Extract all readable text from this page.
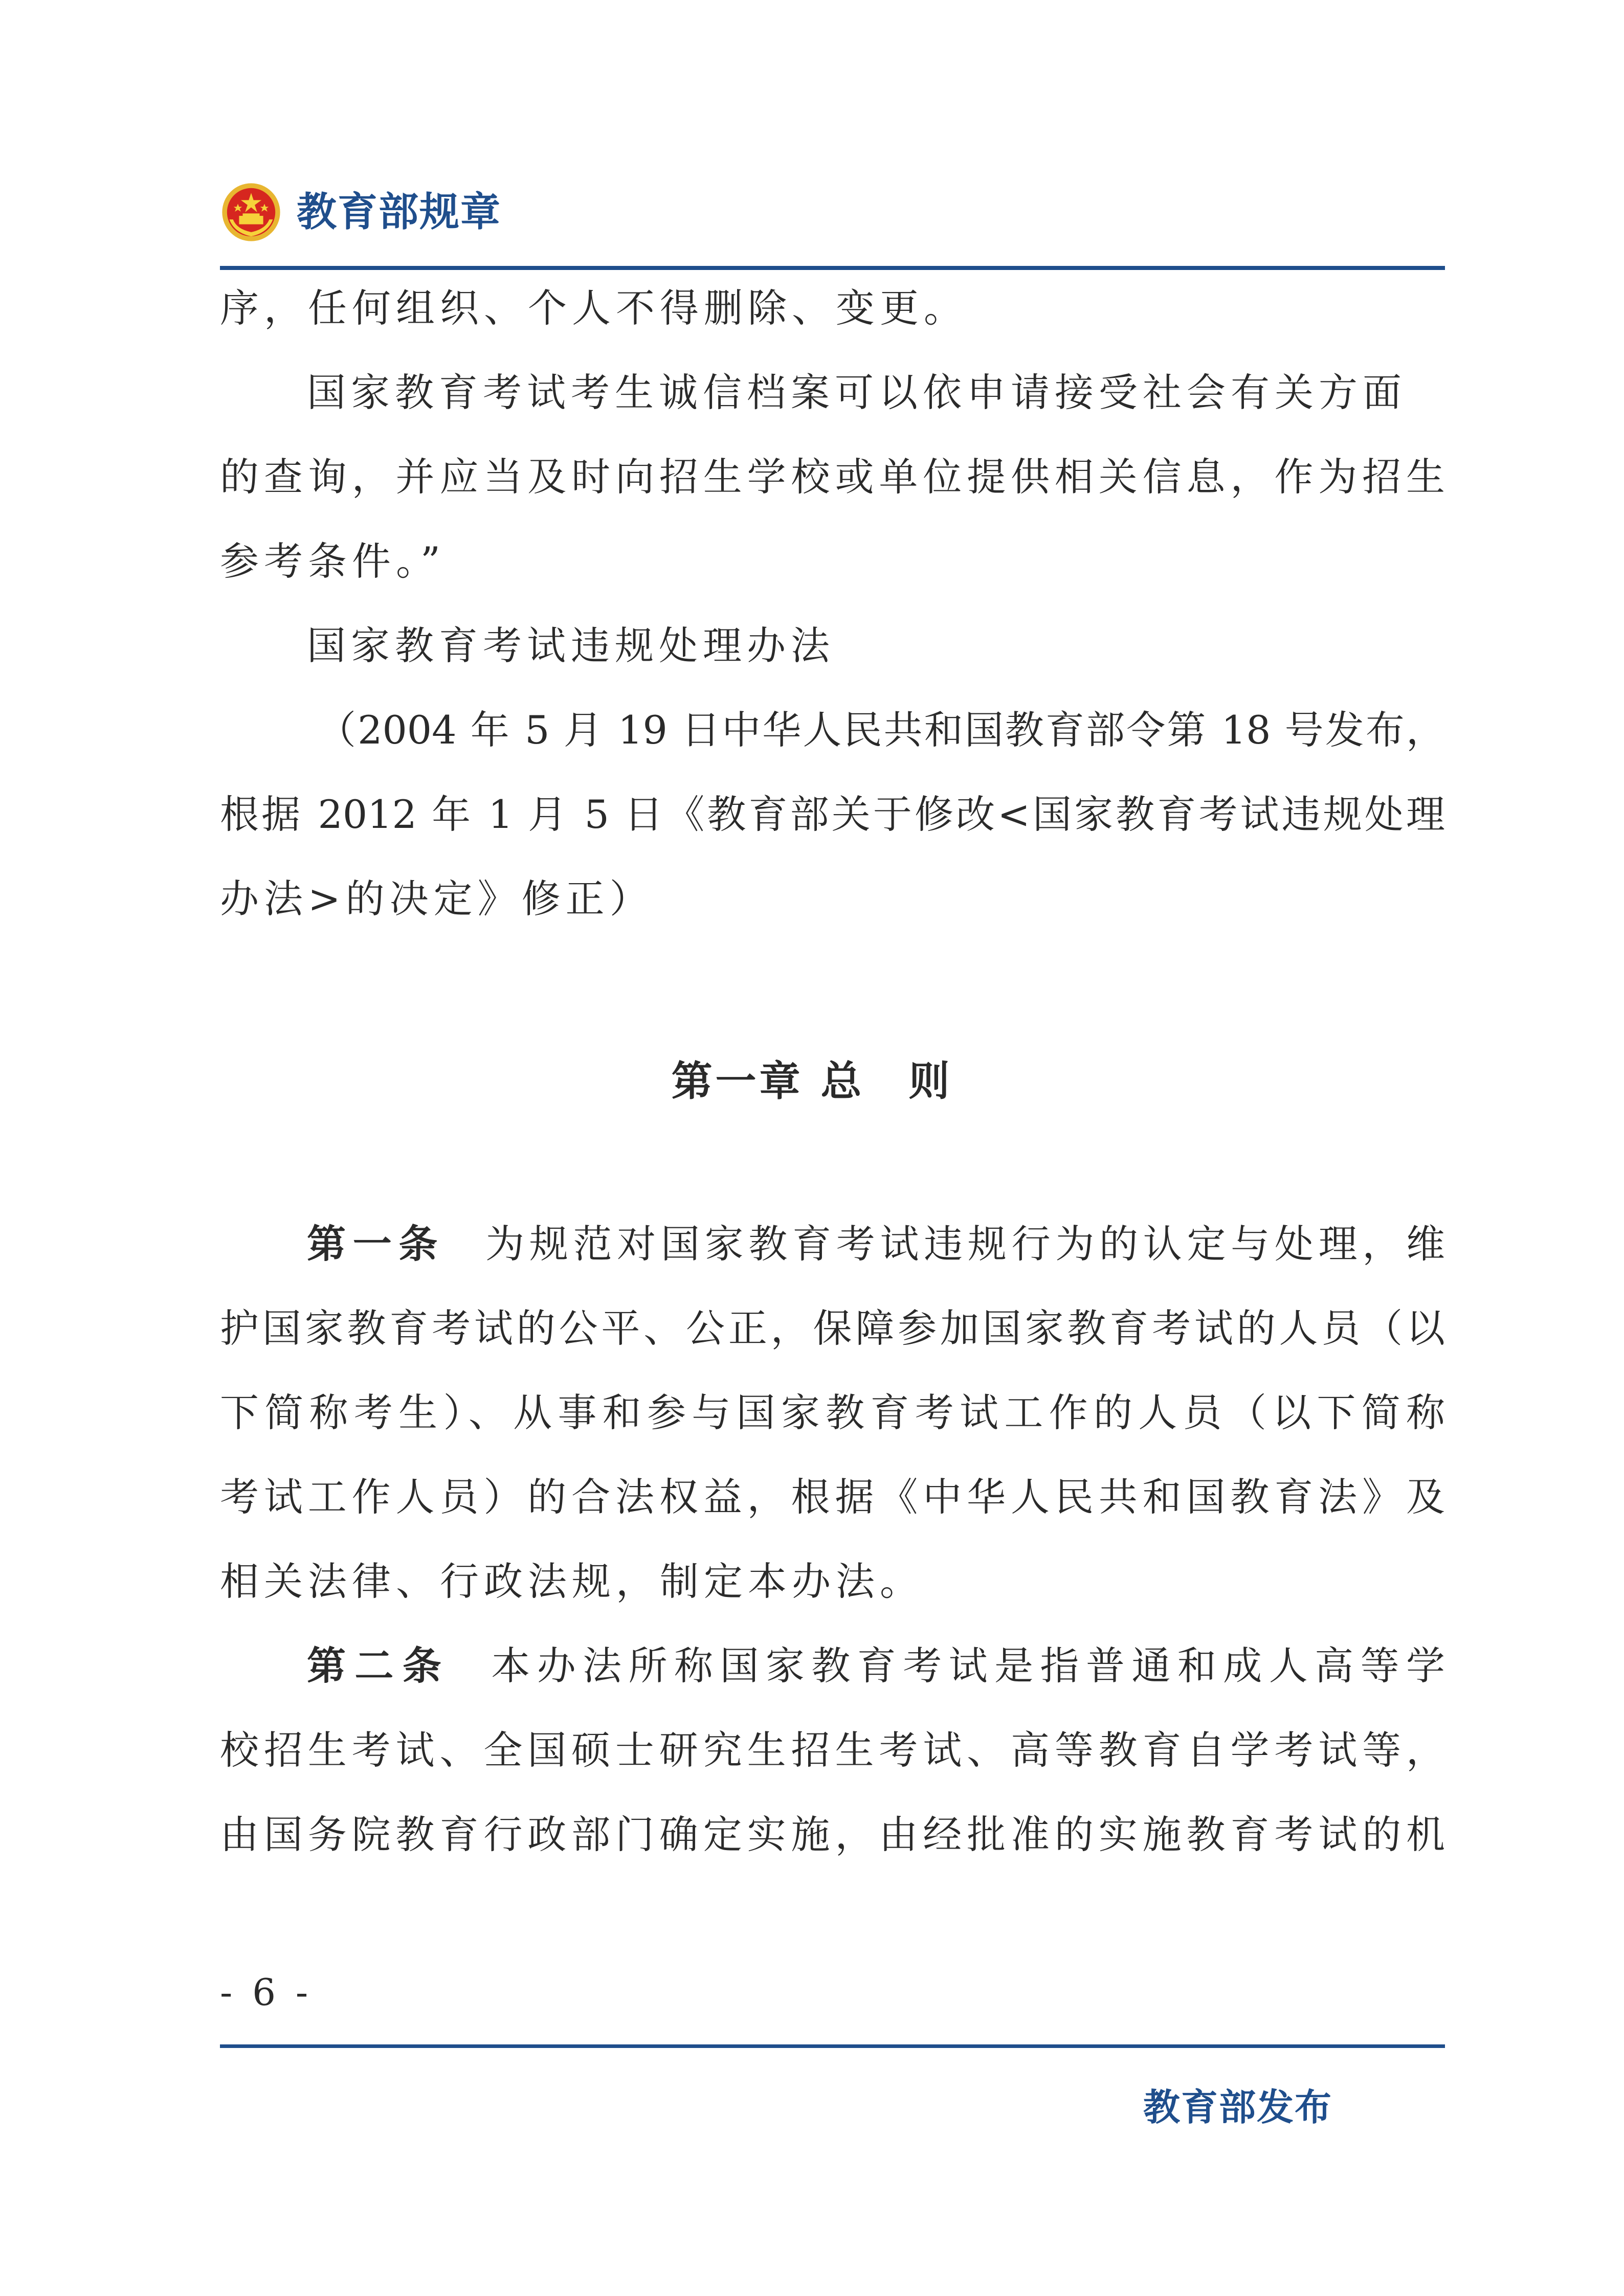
教育部规章
序，任何组织、个人不得删除、变更。
国家教育考试考生诚信档案可以依申请接受社会有关方面
的查询，并应当及时向招生学校或单位提供相关信息，作为招生
参考条件。”
国家教育考试违规处理办法
（2004 年 5 月 19 日中华人民共和国教育部令第 18 号发布，
根据 2012 年 1 月 5 日《教育部关于修改<国家教育考试违规处理
办法>的决定》修正）
第一章 总　则
第一条 为规范对国家教育考试违规行为的认定与处理，维
护国家教育考试的公平、公正，保障参加国家教育考试的人员（以
下简称考生）、从事和参与国家教育考试工作的人员（以下简称
考试工作人员）的合法权益，根据《中华人民共和国教育法》及
相关法律、行政法规，制定本办法。
第二条 本办法所称国家教育考试是指普通和成人高等学
校招生考试、全国硕士研究生招生考试、高等教育自学考试等，
由国务院教育行政部门确定实施，由经批准的实施教育考试的机
- 6 -
教育部发布
